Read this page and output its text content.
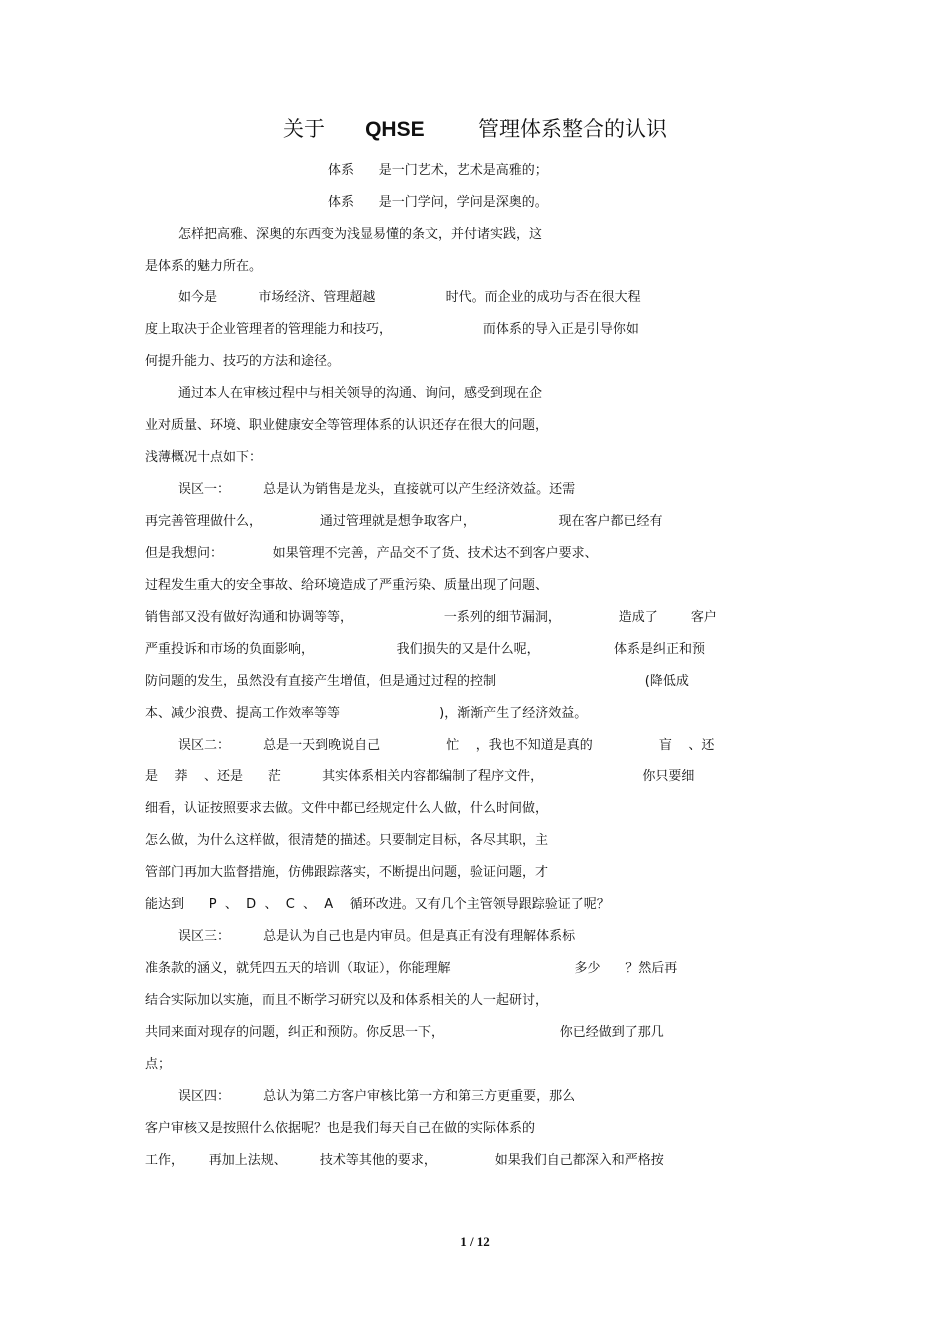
关于 QHSE	管理体系整合的认识
体系      是一门艺术，艺术是高雅的；
体系      是一门学问，学问是深奥的。
怎样把高雅、深奥的东西变为浅显易懂的条文，并付诸实践，这
是体系的魅力所在。
如今是          市场经济、管理超越                 时代。而企业的成功与否在很大程
度上取决于企业管理者的管理能力和技巧，                      而体系的导入正是引导你如
何提升能力、技巧的方法和途径。
通过本人在审核过程中与相关领导的沟通、询问，感受到现在企
业对质量、环境、职业健康安全等管理体系的认识还存在很大的问题，
浅薄概况十点如下：
误区一：        总是认为销售是龙头，直接就可以产生经济效益。还需
再完善管理做什么，              通过管理就是想争取客户，                    现在客户都已经有
但是我想问：            如果管理不完善，产品交不了货、技术达不到客户要求、
过程发生重大的安全事故、给环境造成了严重污染、质量出现了问题、
销售部又没有做好沟通和协调等等，                      一系列的细节漏洞，              造成了        客户
严重投诉和市场的负面影响，                    我们损失的又是什么呢，                  体系是纠正和预
防问题的发生，虽然没有直接产生增值，但是通过过程的控制                                    (降低成
本、减少浪费、提高工作效率等等                        )，渐渐产生了经济效益。
误区二：        总是一天到晚说自己                忙    ，我也不知道是真的                盲    、还
是    莽    、还是      茫          其实体系相关内容都编制了程序文件，                        你只要细
细看，认证按照要求去做。文件中都已经规定什么人做，什么时间做，
怎么做，为什么这样做，很清楚的描述。只要制定目标，各尽其职，主
管部门再加大监督措施，仿佛跟踪落实，不断提出问题，验证问题，才
能达到      P  、  D  、  C  、  A    循环改进。又有几个主管领导跟踪验证了呢？
误区三：        总是认为自己也是内审员。但是真正有没有理解体系标
准条款的涵义，就凭四五天的培训（取证），你能理解                              多少      ？然后再
结合实际加以实施，而且不断学习研究以及和体系相关的人一起研讨，
共同来面对现存的问题，纠正和预防。你反思一下，                            你已经做到了那几
点；
误区四：        总认为第二方客户审核比第一方和第三方更重要，那么
客户审核又是按照什么依据呢？也是我们每天自己在做的实际体系的
工作，      再加上法规、        技术等其他的要求，              如果我们自己都深入和严格按
1 / 12
